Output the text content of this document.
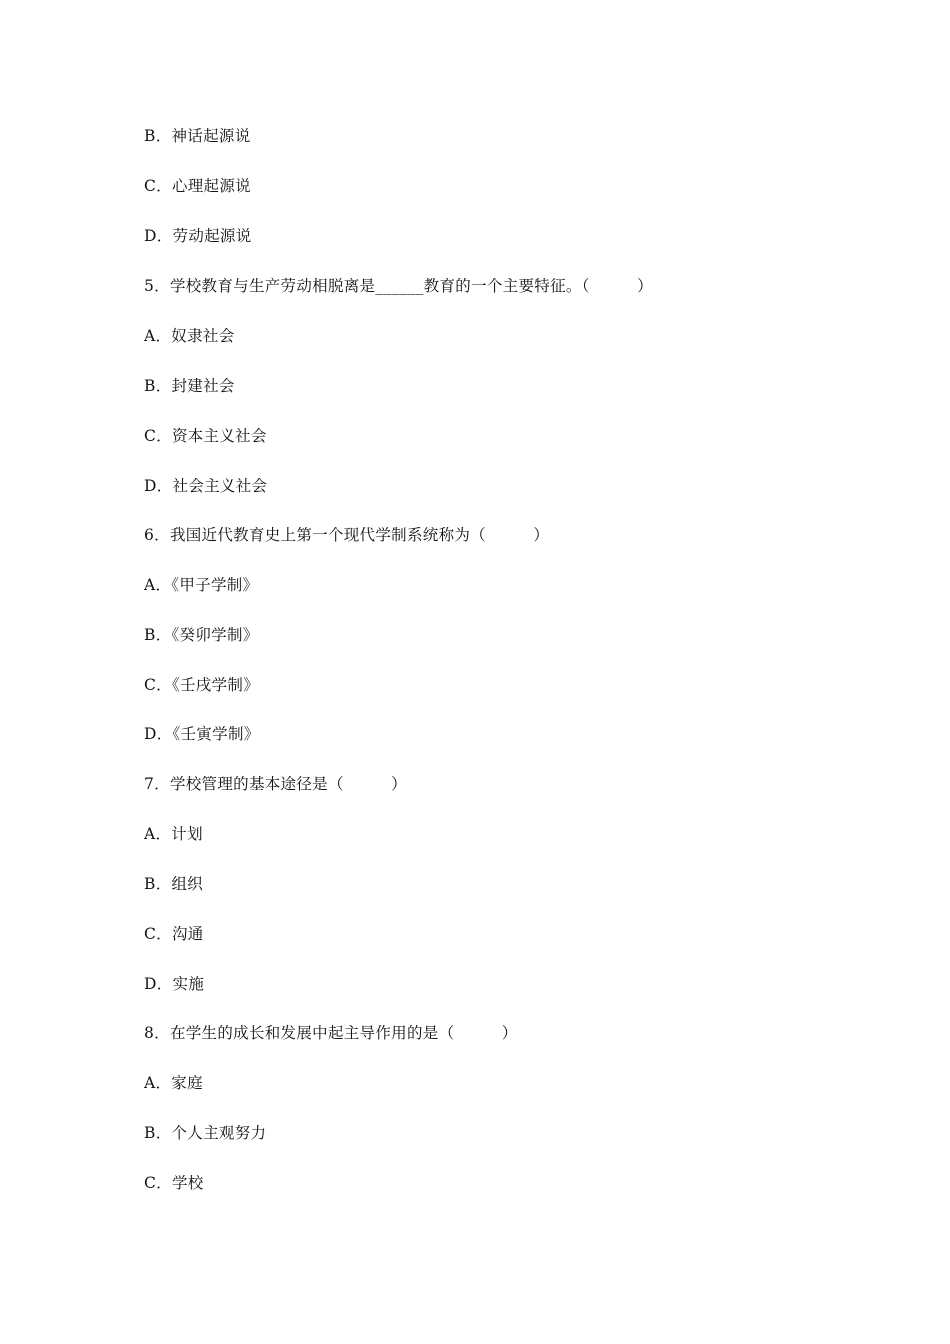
B．神话起源说
C．心理起源说
D．劳动起源说
5．学校教育与生产劳动相脱离是______教育的一个主要特征。（　　　）
A．奴隶社会
B．封建社会
C．资本主义社会
D．社会主义社会
6．我国近代教育史上第一个现代学制系统称为（　　　）
A．《甲子学制》
B．《癸卯学制》
C．《壬戌学制》
D．《壬寅学制》
7．学校管理的基本途径是（　　　）
A．计划
B．组织
C．沟通
D．实施
8．在学生的成长和发展中起主导作用的是（　　　）
A．家庭
B．个人主观努力
C．学校
